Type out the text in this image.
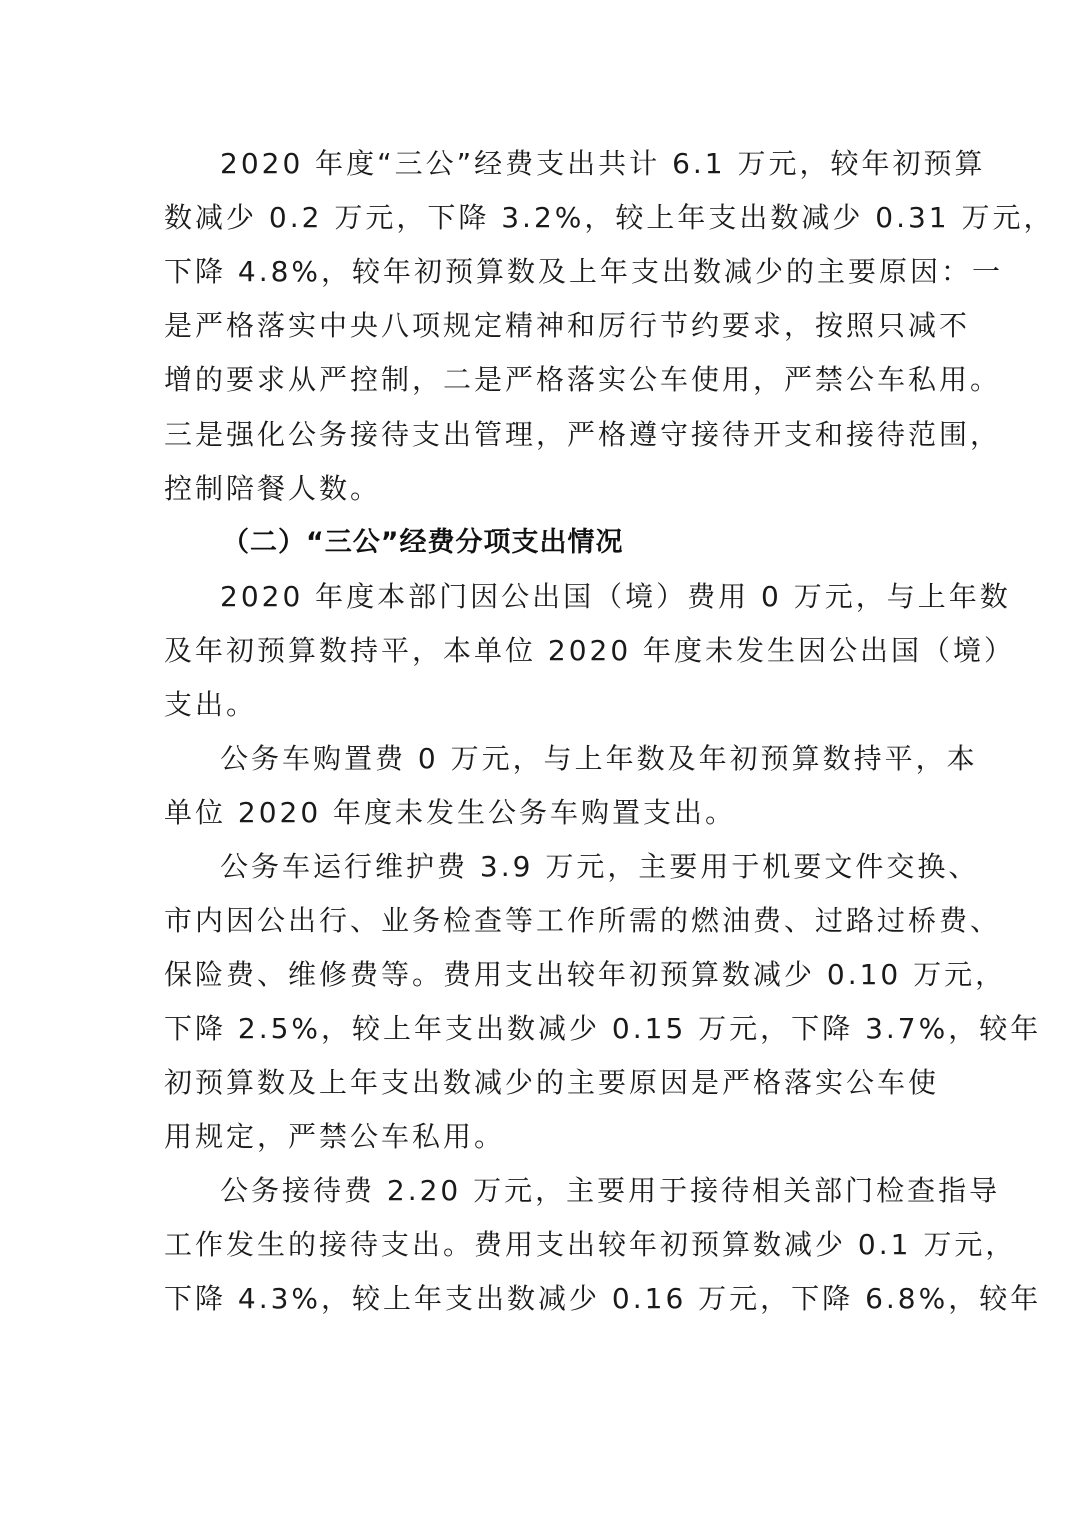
2020 年度“三公”经费支出共计 6.1 万元，较年初预算
数减少 0.2 万元，下降 3.2%，较上年支出数减少 0.31 万元，
下降 4.8%，较年初预算数及上年支出数减少的主要原因：一
是严格落实中央八项规定精神和厉行节约要求，按照只减不
增的要求从严控制，二是严格落实公车使用，严禁公车私用。
三是强化公务接待支出管理，严格遵守接待开支和接待范围，
控制陪餐人数。
（二）“三公”经费分项支出情况
2020 年度本部门因公出国（境）费用 0 万元，与上年数
及年初预算数持平，本单位 2020 年度未发生因公出国（境）
支出。
公务车购置费 0 万元，与上年数及年初预算数持平，本
单位 2020 年度未发生公务车购置支出。
公务车运行维护费 3.9 万元，主要用于机要文件交换、
市内因公出行、业务检查等工作所需的燃油费、过路过桥费、
保险费、维修费等。费用支出较年初预算数减少 0.10 万元，
下降 2.5%，较上年支出数减少 0.15 万元，下降 3.7%，较年
初预算数及上年支出数减少的主要原因是严格落实公车使
用规定，严禁公车私用。
公务接待费 2.20 万元，主要用于接待相关部门检查指导
工作发生的接待支出。费用支出较年初预算数减少 0.1 万元，
下降 4.3%，较上年支出数减少 0.16 万元，下降 6.8%，较年
